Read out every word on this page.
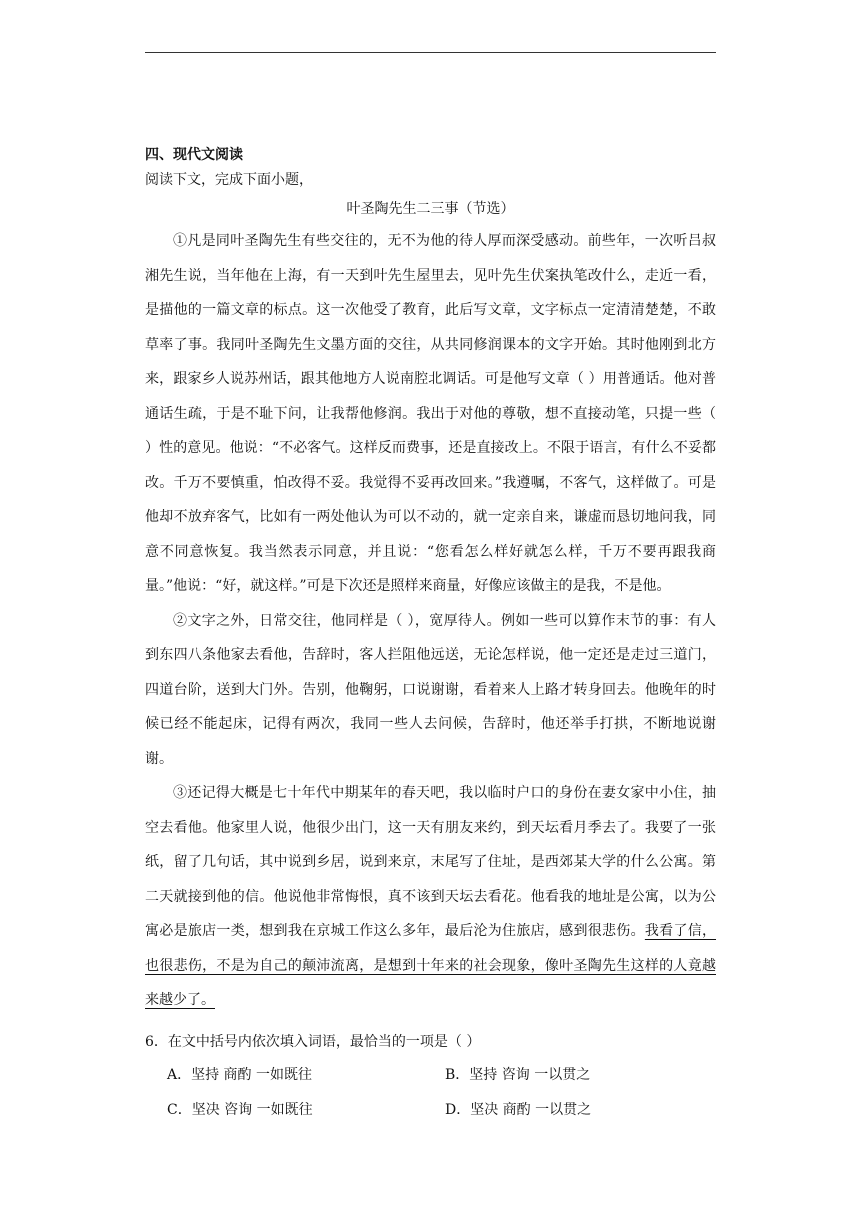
四、现代文阅读

阅读下文，完成下面小题，

叶圣陶先生二三事（节选）

①凡是同叶圣陶先生有些交往的，无不为他的待人厚而深受感动。前些年，一次听吕叔湘先生说，当年他在上海，有一天到叶先生屋里去，见叶先生伏案执笔改什么，走近一看，是描他的一篇文章的标点。这一次他受了教育，此后写文章，文字标点一定清清楚楚，不敢草率了事。我同叶圣陶先生文墨方面的交往，从共同修润课本的文字开始。其时他刚到北方来，跟家乡人说苏州话，跟其他地方人说南腔北调话。可是他写文章（ ）用普通话。他对普通话生疏，于是不耻下问，让我帮他修润。我出于对他的尊敬，想不直接动笔，只提一些（ ）性的意见。他说：“不必客气。这样反而费事，还是直接改上。不限于语言，有什么不妥都改。千万不要慎重，怕改得不妥。我觉得不妥再改回来。”我遵嘱，不客气，这样做了。可是他却不放弃客气，比如有一两处他认为可以不动的，就一定亲自来，谦虚而恳切地问我，同意不同意恢复。我当然表示同意，并且说：“您看怎么样好就怎么样，千万不要再跟我商量。”他说：“好，就这样。”可是下次还是照样来商量，好像应该做主的是我，不是他。

②文字之外，日常交往，他同样是（ ），宽厚待人。例如一些可以算作末节的事：有人到东四八条他家去看他，告辞时，客人拦阻他远送，无论怎样说，他一定还是走过三道门，四道台阶，送到大门外。告别，他鞠躬，口说谢谢，看着来人上路才转身回去。他晚年的时候已经不能起床，记得有两次，我同一些人去问候，告辞时，他还举手打拱，不断地说谢谢。

③还记得大概是七十年代中期某年的春天吧，我以临时户口的身份在妻女家中小住，抽空去看他。他家里人说，他很少出门，这一天有朋友来约，到天坛看月季去了。我要了一张纸，留了几句话，其中说到乡居，说到来京，末尾写了住址，是西郊某大学的什么公寓。第二天就接到他的信。他说他非常悔恨，真不该到天坛去看花。他看我的地址是公寓，以为公寓必是旅店一类，想到我在京城工作这么多年，最后沦为住旅店，感到很悲伤。我看了信，也很悲伤，不是为自己的颠沛流离，是想到十年来的社会现象，像叶圣陶先生这样的人竟越来越少了。

6．在文中括号内依次填入词语，最恰当的一项是（ ）

A．坚持 商酌 一如既往	B．坚持 咨询 一以贯之
C．坚决 咨询 一如既往	D．坚决 商酌 一以贯之
